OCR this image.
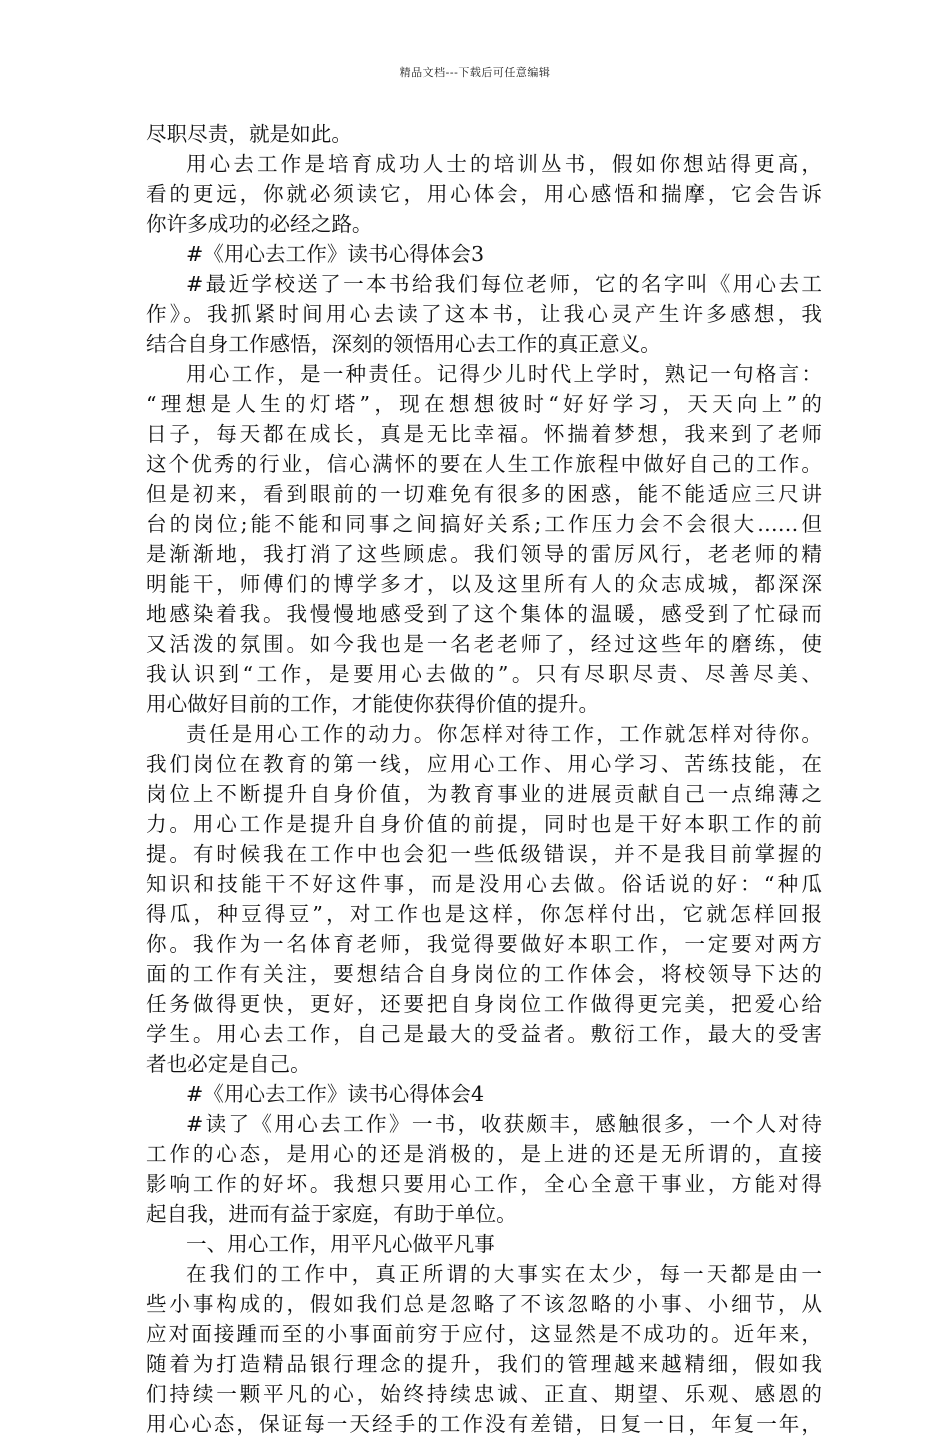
精品文档---下载后可任意编辑
尽职尽责，就是如此。
用心去工作是培育成功人士的培训丛书，假如你想站得更高，
看的更远，你就必须读它，用心体会，用心感悟和揣摩，它会告诉
你许多成功的必经之路。
#《用心去工作》读书心得体会3
#最近学校送了一本书给我们每位老师，它的名字叫《用心去工
作》。我抓紧时间用心去读了这本书，让我心灵产生许多感想，我
结合自身工作感悟，深刻的领悟用心去工作的真正意义。
用心工作，是一种责任。记得少儿时代上学时，熟记一句格言：
“理想是人生的灯塔”，现在想想彼时“好好学习，天天向上”的
日子，每天都在成长，真是无比幸福。怀揣着梦想，我来到了老师
这个优秀的行业，信心满怀的要在人生工作旅程中做好自己的工作。
但是初来，看到眼前的一切难免有很多的困惑，能不能适应三尺讲
台的岗位;能不能和同事之间搞好关系;工作压力会不会很大……但
是渐渐地，我打消了这些顾虑。我们领导的雷厉风行，老老师的精
明能干，师傅们的博学多才，以及这里所有人的众志成城，都深深
地感染着我。我慢慢地感受到了这个集体的温暖，感受到了忙碌而
又活泼的氛围。如今我也是一名老老师了，经过这些年的磨练，使
我认识到“工作，是要用心去做的”。只有尽职尽责、尽善尽美、
用心做好目前的工作，才能使你获得价值的提升。
责任是用心工作的动力。你怎样对待工作，工作就怎样对待你。
我们岗位在教育的第一线，应用心工作、用心学习、苦练技能，在
岗位上不断提升自身价值，为教育事业的进展贡献自己一点绵薄之
力。用心工作是提升自身价值的前提，同时也是干好本职工作的前
提。有时候我在工作中也会犯一些低级错误，并不是我目前掌握的
知识和技能干不好这件事，而是没用心去做。俗话说的好：“种瓜
得瓜，种豆得豆”，对工作也是这样，你怎样付出，它就怎样回报
你。我作为一名体育老师，我觉得要做好本职工作，一定要对两方
面的工作有关注，要想结合自身岗位的工作体会，将校领导下达的
任务做得更快，更好，还要把自身岗位工作做得更完美，把爱心给
学生。用心去工作，自己是最大的受益者。敷衍工作，最大的受害
者也必定是自己。
#《用心去工作》读书心得体会4
#读了《用心去工作》一书，收获颇丰，感触很多，一个人对待
工作的心态，是用心的还是消极的，是上进的还是无所谓的，直接
影响工作的好坏。我想只要用心工作，全心全意干事业，方能对得
起自我，进而有益于家庭，有助于单位。
一、用心工作，用平凡心做平凡事
在我们的工作中，真正所谓的大事实在太少，每一天都是由一
些小事构成的，假如我们总是忽略了不该忽略的小事、小细节，从
应对面接踵而至的小事面前穷于应付，这显然是不成功的。近年来，
随着为打造精品银行理念的提升，我们的管理越来越精细，假如我
们持续一颗平凡的心，始终持续忠诚、正直、期望、乐观、感恩的
用心心态，保证每一天经手的工作没有差错，日复一日，年复一年，
